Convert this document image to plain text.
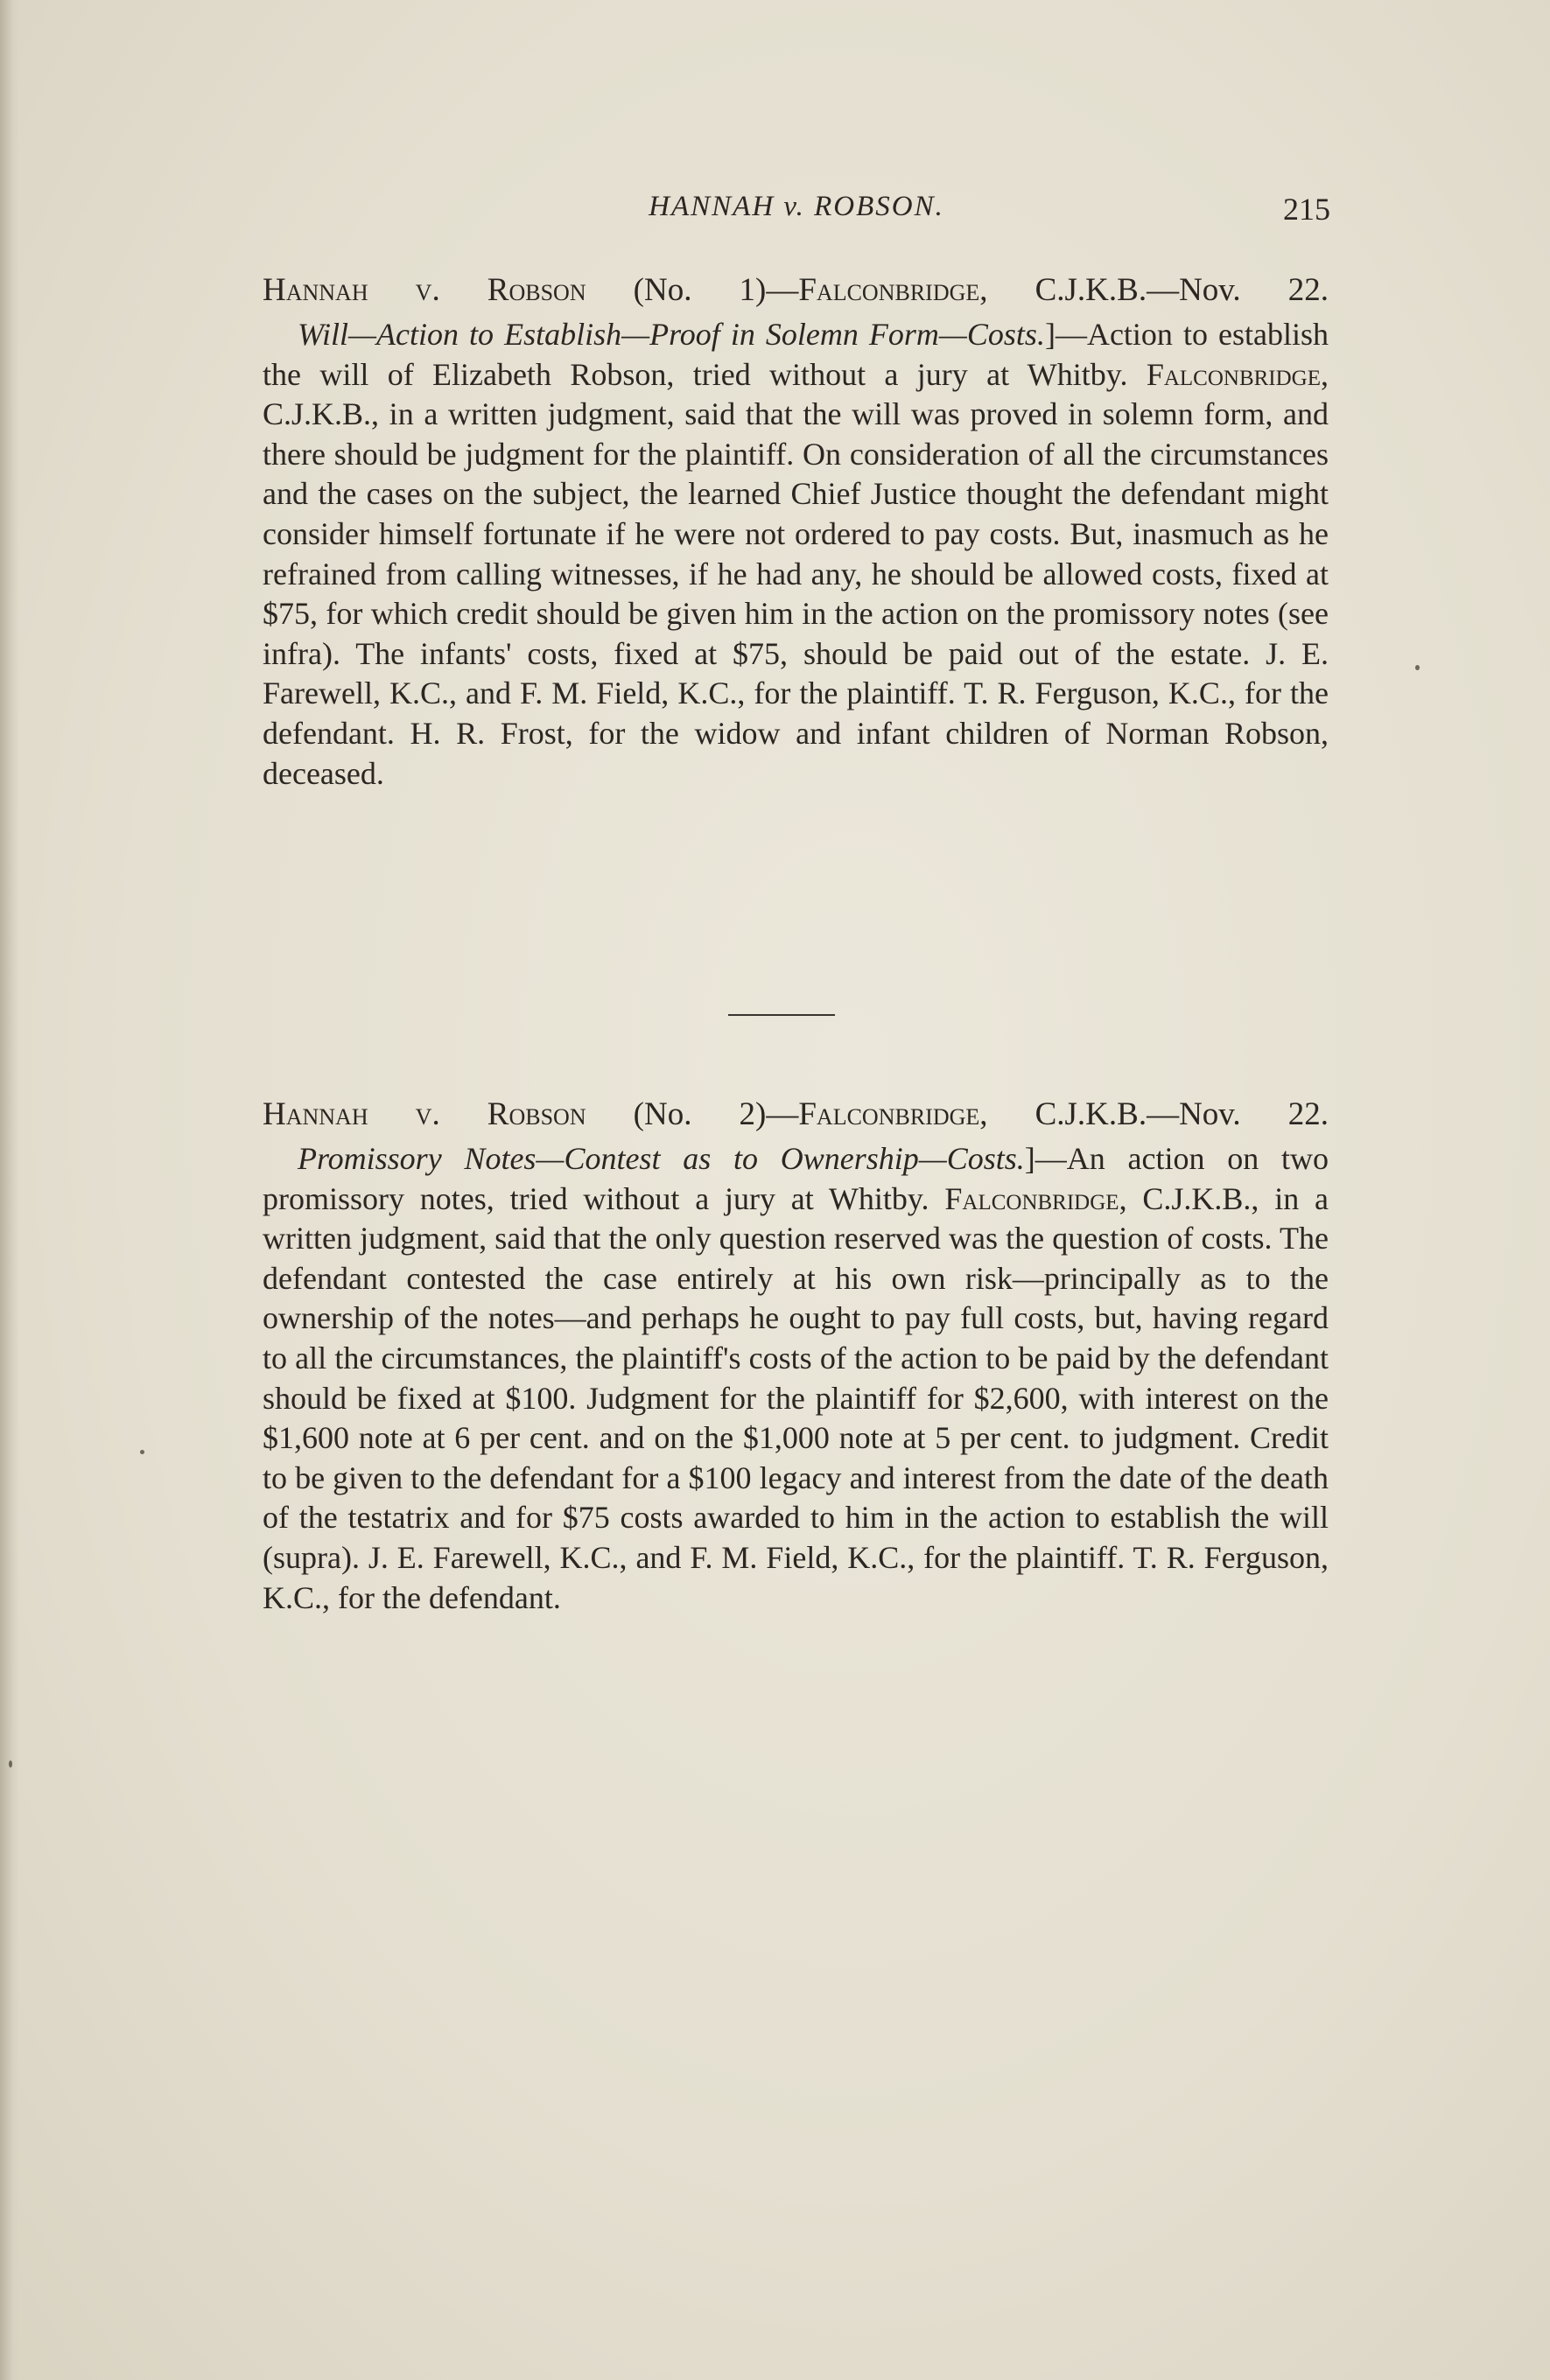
HANNAH v. ROBSON.	215

Hannah v. Robson (No. 1)—Falconbridge, C.J.K.B.—Nov. 22.

Will—Action to Establish—Proof in Solemn Form—Costs.]—Action to establish the will of Elizabeth Robson, tried without a jury at Whitby. Falconbridge, C.J.K.B., in a written judgment, said that the will was proved in solemn form, and there should be judgment for the plaintiff. On consideration of all the circumstances and the cases on the subject, the learned Chief Justice thought the defendant might consider himself fortunate if he were not ordered to pay costs. But, inasmuch as he refrained from calling witnesses, if he had any, he should be allowed costs, fixed at $75, for which credit should be given him in the action on the promissory notes (see infra). The infants' costs, fixed at $75, should be paid out of the estate. J. E. Farewell, K.C., and F. M. Field, K.C., for the plaintiff. T. R. Ferguson, K.C., for the defendant. H. R. Frost, for the widow and infant children of Norman Robson, deceased.

Hannah v. Robson (No. 2)—Falconbridge, C.J.K.B.—Nov. 22.

Promissory Notes—Contest as to Ownership—Costs.]—An action on two promissory notes, tried without a jury at Whitby. Falconbridge, C.J.K.B., in a written judgment, said that the only question reserved was the question of costs. The defendant contested the case entirely at his own risk—principally as to the ownership of the notes—and perhaps he ought to pay full costs, but, having regard to all the circumstances, the plaintiff's costs of the action to be paid by the defendant should be fixed at $100. Judgment for the plaintiff for $2,600, with interest on the $1,600 note at 6 per cent. and on the $1,000 note at 5 per cent. to judgment. Credit to be given to the defendant for a $100 legacy and interest from the date of the death of the testatrix and for $75 costs awarded to him in the action to establish the will (supra). J. E. Farewell, K.C., and F. M. Field, K.C., for the plaintiff. T. R. Ferguson, K.C., for the defendant.
